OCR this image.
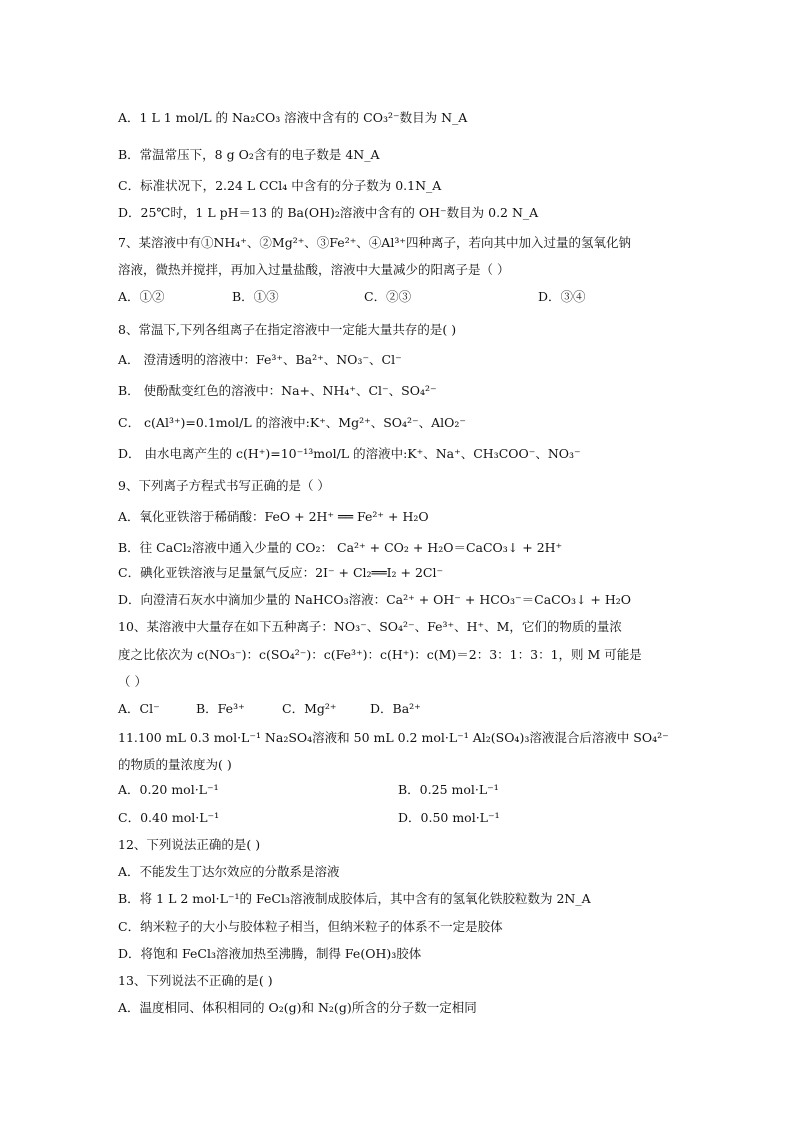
A．1 L 1 mol/L 的 Na₂CO₃ 溶液中含有的 CO₃²⁻数目为 N_A
B．常温常压下，8 g O₂含有的电子数是 4N_A
C．标准状况下，2.24 L CCl₄ 中含有的分子数为 0.1N_A
D．25℃时，1 L pH＝13 的 Ba(OH)₂溶液中含有的 OH⁻数目为 0.2 N_A
7、某溶液中有①NH₄⁺、②Mg²⁺、③Fe²⁺、④Al³⁺四种离子，若向其中加入过量的氢氧化钠
溶液，微热并搅拌，再加入过量盐酸，溶液中大量减少的阳离子是（ ）
A．①②	B．①③	C．②③	D．③④
8、常温下,下列各组离子在指定溶液中一定能大量共存的是( )
A． 澄清透明的溶液中：Fe³⁺、Ba²⁺、NO₃⁻、Cl⁻
B． 使酚酞变红色的溶液中：Na+、NH₄⁺、Cl⁻、SO₄²⁻
C． c(Al³⁺)=0.1mol/L 的溶液中:K⁺、Mg²⁺、SO₄²⁻、AlO₂⁻
D． 由水电离产生的 c(H⁺)=10⁻¹³mol/L 的溶液中:K⁺、Na⁺、CH₃COO⁻、NO₃⁻
9、下列离子方程式书写正确的是（ ）
A．氧化亚铁溶于稀硝酸：FeO + 2H⁺ ══ Fe²⁺ + H₂O
B．往 CaCl₂溶液中通入少量的 CO₂： Ca²⁺ + CO₂ + H₂O＝CaCO₃↓ + 2H⁺
C．碘化亚铁溶液与足量氯气反应：2I⁻ + Cl₂══I₂ + 2Cl⁻
D．向澄清石灰水中滴加少量的 NaHCO₃溶液：Ca²⁺ + OH⁻ + HCO₃⁻＝CaCO₃↓ + H₂O
10、某溶液中大量存在如下五种离子：NO₃⁻、SO₄²⁻、Fe³⁺、H⁺、M，它们的物质的量浓
度之比依次为 c(NO₃⁻)：c(SO₄²⁻)：c(Fe³⁺)：c(H⁺)：c(M)＝2：3：1：3：1，则 M 可能是
（ ）
A．Cl⁻	B．Fe³⁺	C．Mg²⁺	D．Ba²⁺
11.100 mL 0.3 mol·L⁻¹ Na₂SO₄溶液和 50 mL 0.2 mol·L⁻¹ Al₂(SO₄)₃溶液混合后溶液中 SO₄²⁻
的物质的量浓度为( )
A．0.20 mol·L⁻¹	B．0.25 mol·L⁻¹
C．0.40 mol·L⁻¹	D．0.50 mol·L⁻¹
12、下列说法正确的是( )
A．不能发生丁达尔效应的分散系是溶液
B．将 1 L 2 mol·L⁻¹的 FeCl₃溶液制成胶体后，其中含有的氢氧化铁胶粒数为 2N_A
C．纳米粒子的大小与胶体粒子相当，但纳米粒子的体系不一定是胶体
D．将饱和 FeCl₃溶液加热至沸腾，制得 Fe(OH)₃胶体
13、下列说法不正确的是( )
A．温度相同、体积相同的 O₂(g)和 N₂(g)所含的分子数一定相同
